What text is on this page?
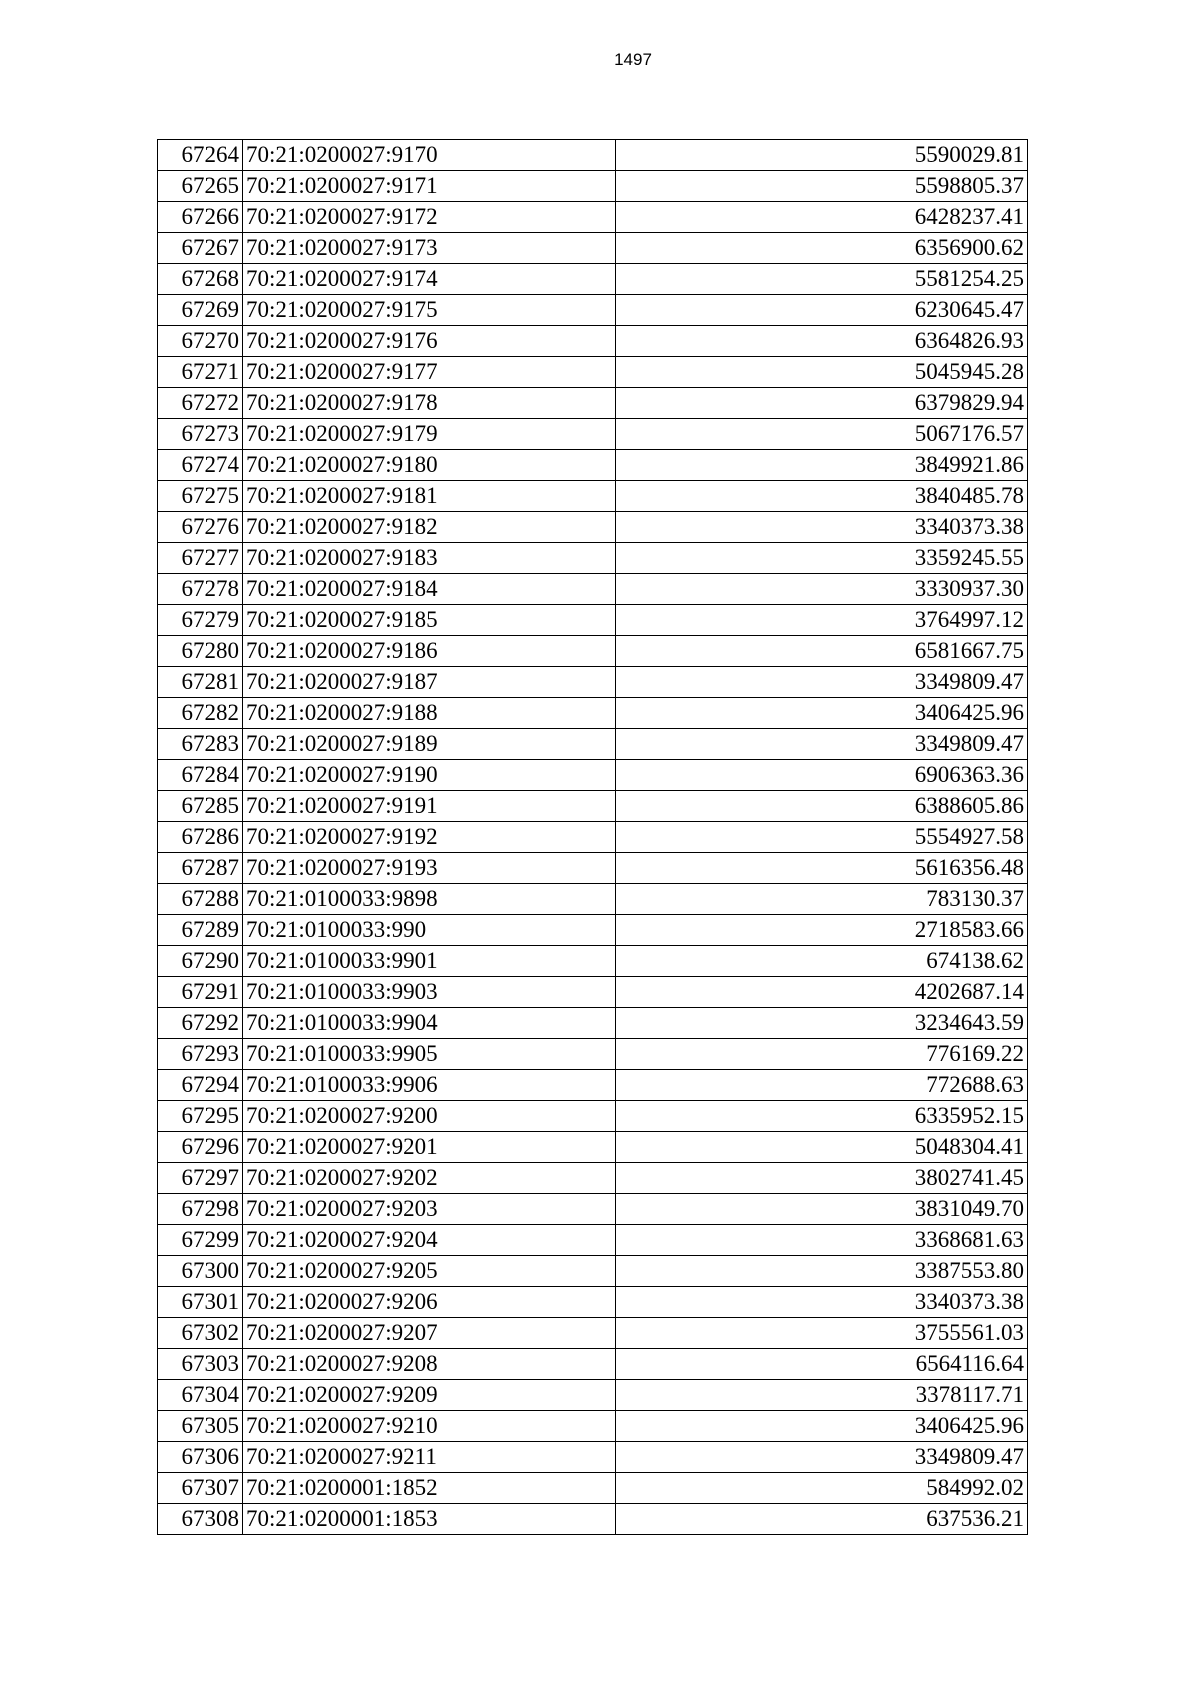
1497
67264	70:21:0200027:9170	5590029.81
67265	70:21:0200027:9171	5598805.37
67266	70:21:0200027:9172	6428237.41
67267	70:21:0200027:9173	6356900.62
67268	70:21:0200027:9174	5581254.25
67269	70:21:0200027:9175	6230645.47
67270	70:21:0200027:9176	6364826.93
67271	70:21:0200027:9177	5045945.28
67272	70:21:0200027:9178	6379829.94
67273	70:21:0200027:9179	5067176.57
67274	70:21:0200027:9180	3849921.86
67275	70:21:0200027:9181	3840485.78
67276	70:21:0200027:9182	3340373.38
67277	70:21:0200027:9183	3359245.55
67278	70:21:0200027:9184	3330937.30
67279	70:21:0200027:9185	3764997.12
67280	70:21:0200027:9186	6581667.75
67281	70:21:0200027:9187	3349809.47
67282	70:21:0200027:9188	3406425.96
67283	70:21:0200027:9189	3349809.47
67284	70:21:0200027:9190	6906363.36
67285	70:21:0200027:9191	6388605.86
67286	70:21:0200027:9192	5554927.58
67287	70:21:0200027:9193	5616356.48
67288	70:21:0100033:9898	783130.37
67289	70:21:0100033:990	2718583.66
67290	70:21:0100033:9901	674138.62
67291	70:21:0100033:9903	4202687.14
67292	70:21:0100033:9904	3234643.59
67293	70:21:0100033:9905	776169.22
67294	70:21:0100033:9906	772688.63
67295	70:21:0200027:9200	6335952.15
67296	70:21:0200027:9201	5048304.41
67297	70:21:0200027:9202	3802741.45
67298	70:21:0200027:9203	3831049.70
67299	70:21:0200027:9204	3368681.63
67300	70:21:0200027:9205	3387553.80
67301	70:21:0200027:9206	3340373.38
67302	70:21:0200027:9207	3755561.03
67303	70:21:0200027:9208	6564116.64
67304	70:21:0200027:9209	3378117.71
67305	70:21:0200027:9210	3406425.96
67306	70:21:0200027:9211	3349809.47
67307	70:21:0200001:1852	584992.02
67308	70:21:0200001:1853	637536.21
